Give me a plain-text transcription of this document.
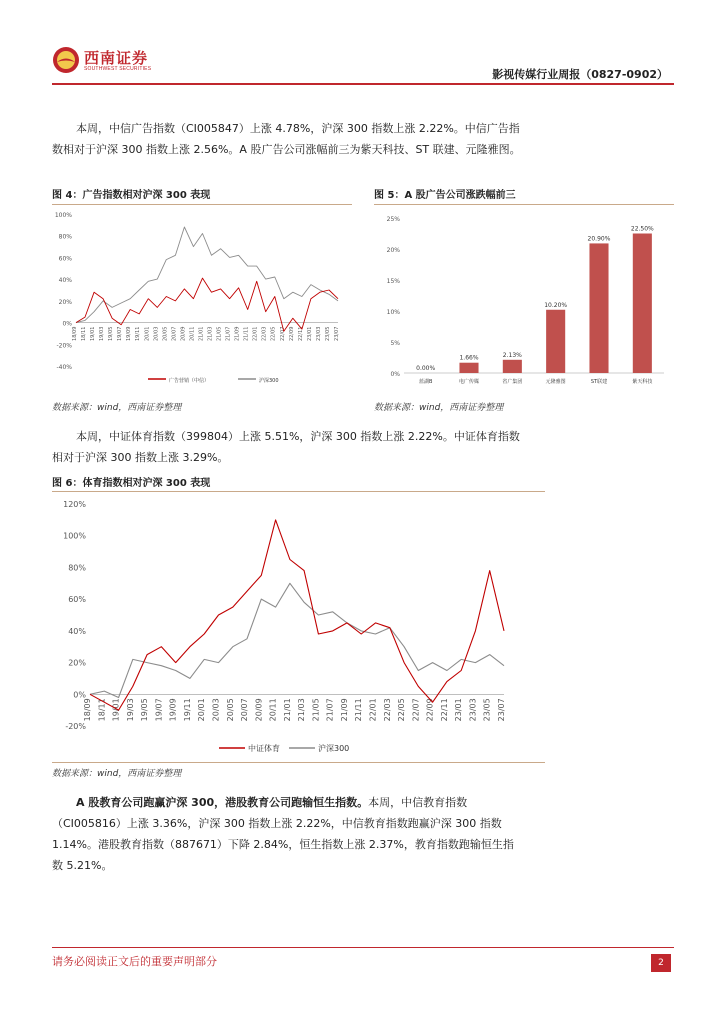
西南证券
SOUTHWEST SECURITIES	影视传媒行业周报（0827-0902）
本周，中信广告指数（CI005847）上涨 4.78%，沪深 300 指数上涨 2.22%。中信广告指数相对于沪深 300 指数上涨 2.56%。A 股广告公司涨幅前三为紫天科技、ST 联建、元隆雅图。
图 4：广告指数相对沪深 300 表现
-40%
-20%
0%
20%
40%
60%
80%
100%
18/09 18/11 19/01 19/03 19/05 19/07 19/09 19/11 20/01 20/03 20/05 20/07 20/09 20/11 21/01 21/03 21/05 21/07 21/09 21/11 22/01 22/03 22/05 22/07 22/09 22/11 23/01 23/03 23/05 23/07
广告营销（中信）	沪深300
数据来源：wind，西南证券整理
图 5：A 股广告公司涨跌幅前三
0%
5%
10%
15%
20%
25%
0.00%
蓝湖B
1.66%
电广传媒
2.13%
省广集团
10.20%
元隆雅图
20.90%
ST联建
22.50%
紫天科技
数据来源：wind，西南证券整理
本周，中证体育指数（399804）上涨 5.51%，沪深 300 指数上涨 2.22%。中证体育指数相对于沪深 300 指数上涨 3.29%。
图 6：体育指数相对沪深 300 表现
-20%
0%
20%
40%
60%
80%
100%
120%
18/09 18/11 19/01 19/03 19/05 19/07 19/09 19/11 20/01 20/03 20/05 20/07 20/09 20/11 21/01 21/03 21/05 21/07 21/09 21/11 22/01 22/03 22/05 22/07 22/09 22/11 23/01 23/03 23/05 23/07
中证体育	沪深300
数据来源：wind，西南证券整理
A 股教育公司跑赢沪深 300，港股教育公司跑输恒生指数。本周，中信教育指数（CI005816）上涨 3.36%，沪深 300 指数上涨 2.22%，中信教育指数跑赢沪深 300 指数 1.14%。港股教育指数（887671）下降 2.84%，恒生指数上涨 2.37%，教育指数跑输恒生指数 5.21%。
请务必阅读正文后的重要声明部分	2
